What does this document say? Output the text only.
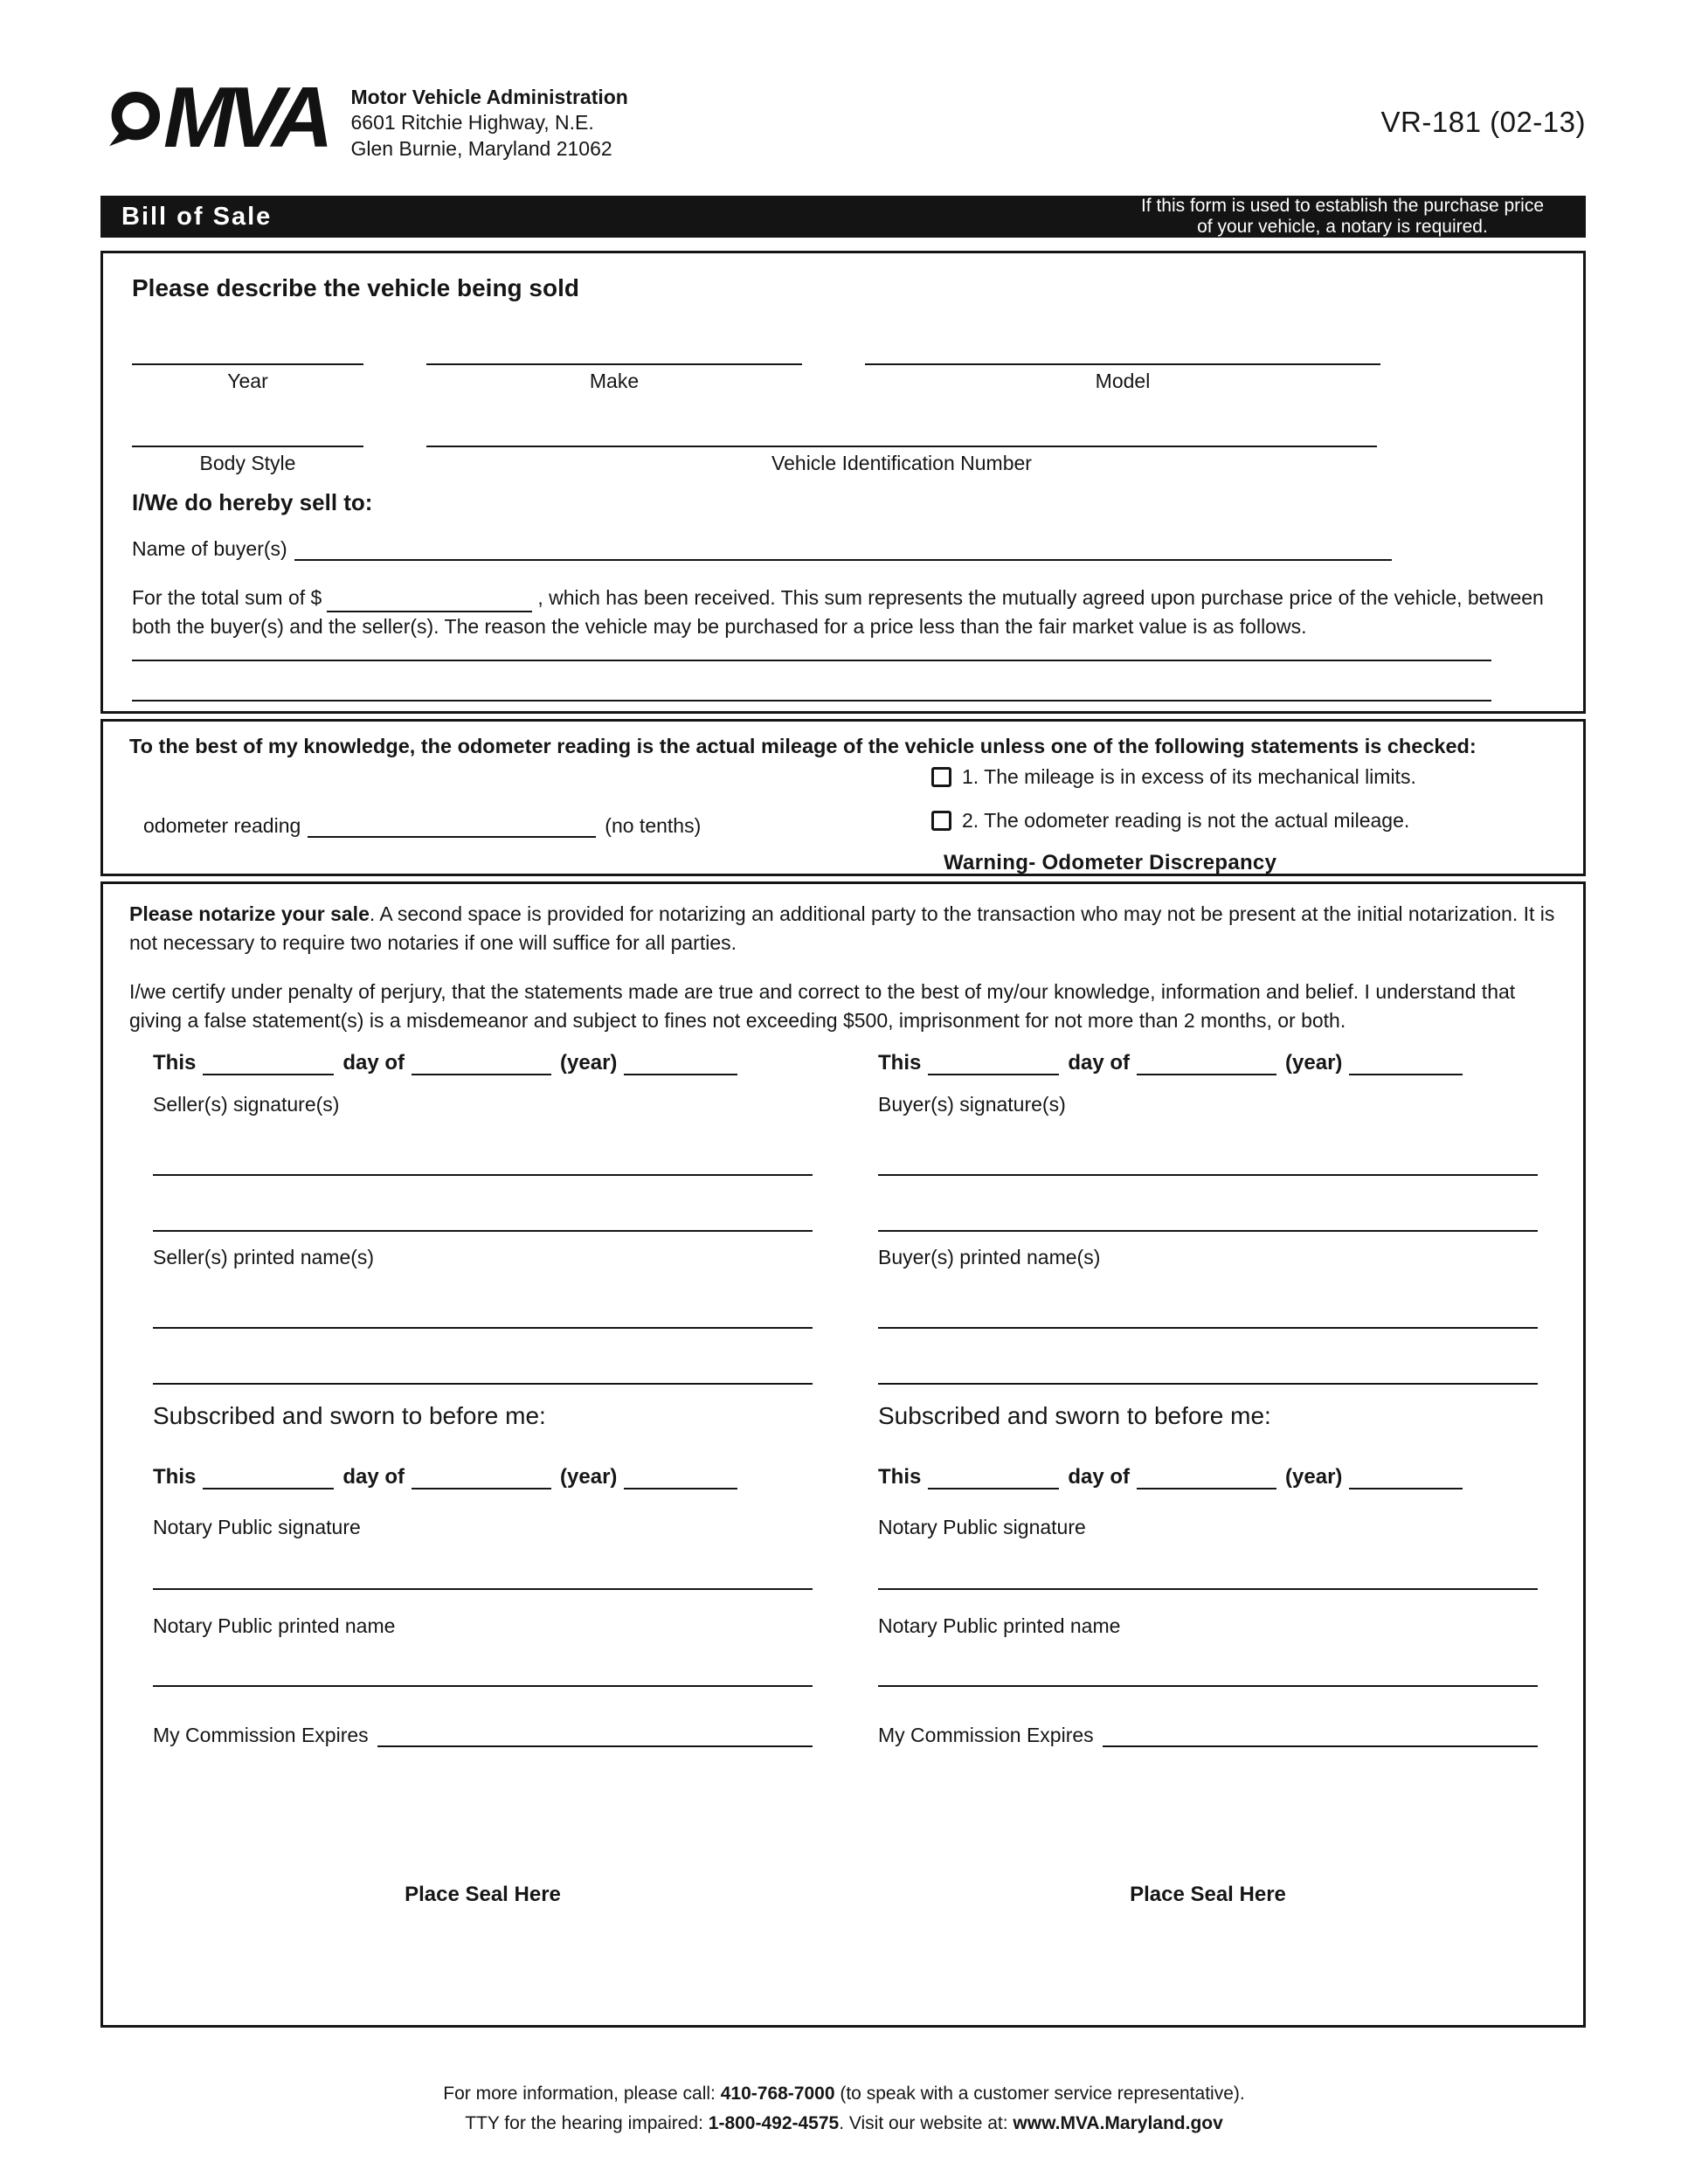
MVA	Motor Vehicle Administration
6601 Ritchie Highway, N.E.
Glen Burnie, Maryland 21062
VR-181 (02-13)
Bill of Sale	If this form is used to establish the purchase price
of your vehicle, a notary is required.
Please describe the vehicle being sold
Year	Make	Model
Body Style	Vehicle Identification Number
I/We do hereby sell to:
Name of buyer(s)
For the total sum of $	, which has been received. This sum represents the mutually agreed upon purchase price of the vehicle, between both the buyer(s) and the seller(s). The reason the vehicle may be purchased for a price less than the fair market value is as follows.
To the best of my knowledge, the odometer reading is the actual mileage of the vehicle unless one of the following statements is checked:
1. The mileage is in excess of its mechanical limits.
2. The odometer reading is not the actual mileage.
odometer reading	(no tenths)
Warning- Odometer Discrepancy
Please notarize your sale. A second space is provided for notarizing an additional party to the transaction who may not be present at the initial notarization. It is not necessary to require two notaries if one will suffice for all parties.
I/we certify under penalty of perjury, that the statements made are true and correct to the best of my/our knowledge, information and belief. I understand that giving a false statement(s) is a misdemeanor and subject to fines not exceeding $500, imprisonment for not more than 2 months, or both.
This	day of	(year)
Seller(s) signature(s)
Seller(s) printed name(s)
Subscribed and sworn to before me:
This	day of	(year)
Notary Public signature
Notary Public printed name
My Commission Expires
Place Seal Here
This	day of	(year)
Buyer(s) signature(s)
Buyer(s) printed name(s)
Subscribed and sworn to before me:
This	day of	(year)
Notary Public signature
Notary Public printed name
My Commission Expires
Place Seal Here
For more information, please call: 410-768-7000 (to speak with a customer service representative).
TTY for the hearing impaired: 1-800-492-4575. Visit our website at: www.MVA.Maryland.gov
